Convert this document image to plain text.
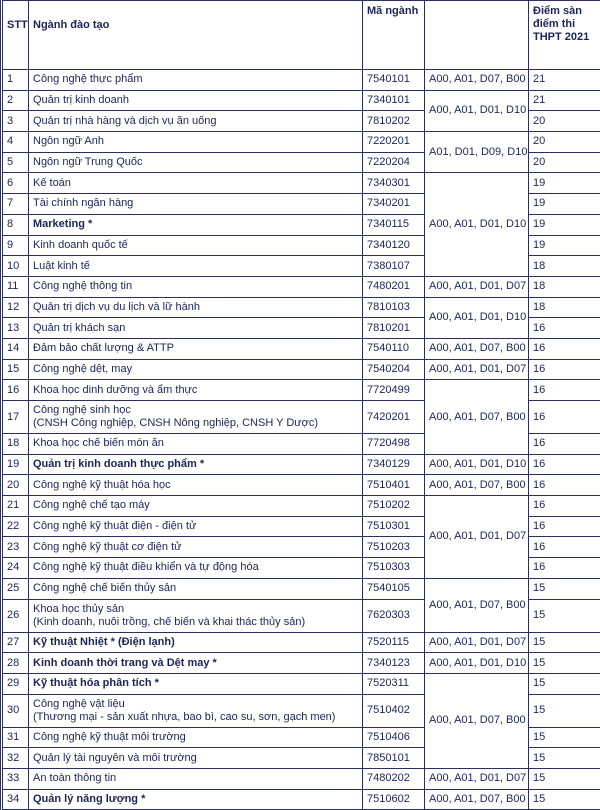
STT	Ngành đào tạo	Mã ngành		Điểm sàn điểm thi THPT 2021
1	Công nghệ thực phẩm	7540101	A00, A01, D07, B00	21
2	Quản trị kinh doanh	7340101	A00, A01, D01, D10	21
3	Quản trị nhà hàng và dịch vụ ăn uống	7810202		20
4	Ngôn ngữ Anh	7220201	A01, D01, D09, D10	20
5	Ngôn ngữ Trung Quốc	7220204		20
6	Kế toán	7340301	A00, A01, D01, D10	19
7	Tài chính ngân hàng	7340201		19
8	Marketing *	7340115		19
9	Kinh doanh quốc tế	7340120		19
10	Luật kinh tế	7380107		18
11	Công nghệ thông tin	7480201	A00, A01, D01, D07	18
12	Quản trị dịch vụ du lịch và lữ hành	7810103	A00, A01, D01, D10	18
13	Quản trị khách sạn	7810201		16
14	Đảm bảo chất lượng & ATTP	7540110	A00, A01, D07, B00	16
15	Công nghệ dệt, may	7540204	A00, A01, D01, D07	16
16	Khoa học dinh dưỡng và ẩm thực	7720499	A00, A01, D07, B00	16
17	Công nghệ sinh học
(CNSH Công nghiệp, CNSH Nông nghiệp, CNSH Y Dược)	7420201		16
18	Khoa học chế biến món ăn	7720498		16
19	Quản trị kinh doanh thực phẩm *	7340129	A00, A01, D01, D10	16
20	Công nghệ kỹ thuật hóa học	7510401	A00, A01, D07, B00	16
21	Công nghệ chế tạo máy	7510202	A00, A01, D01, D07	16
22	Công nghệ kỹ thuật điện - điện tử	7510301		16
23	Công nghệ kỹ thuật cơ điện tử	7510203		16
24	Công nghệ kỹ thuật điều khiển và tự động hóa	7510303		16
25	Công nghệ chế biến thủy sản	7540105	A00, A01, D07, B00	15
26	Khoa học thủy sản
(Kinh doanh, nuôi trồng, chế biến và khai thác thủy sản)	7620303		15
27	Kỹ thuật Nhiệt * (Điện lạnh)	7520115	A00, A01, D01, D07	15
28	Kinh doanh thời trang và Dệt may *	7340123	A00, A01, D01, D10	15
29	Kỹ thuật hóa phân tích *	7520311	A00, A01, D07, B00	15
30	Công nghệ vật liệu
(Thương mại - sản xuất nhựa, bao bì, cao su, sơn, gạch men)	7510402		15
31	Công nghệ kỹ thuật môi trường	7510406		15
32	Quản lý tài nguyên và môi trường	7850101		15
33	An toàn thông tin	7480202	A00, A01, D01, D07	15
34	Quản lý năng lượng *	7510602	A00, A01, D07, B00	15
